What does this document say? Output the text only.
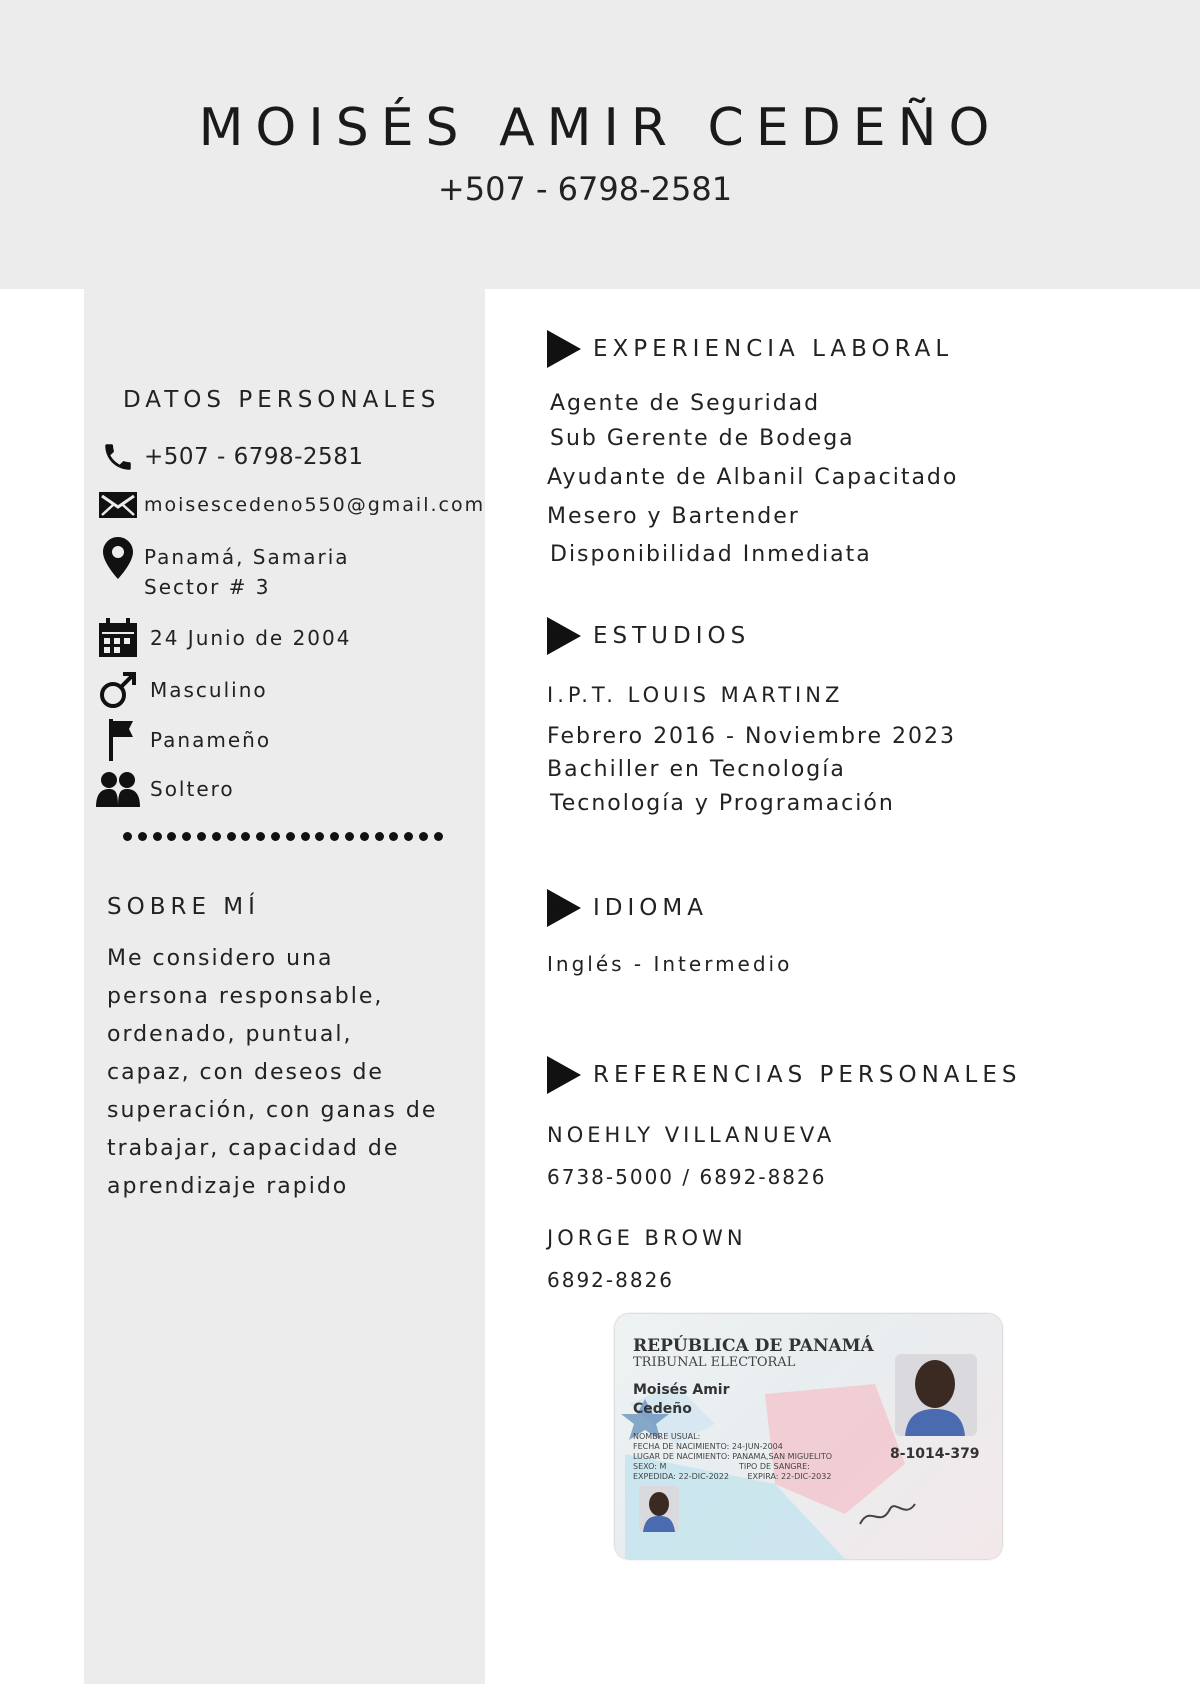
MOISÉS AMIR CEDEÑO
+507 - 6798-2581
DATOS PERSONALES
+507 - 6798-2581
moisescedeno550@gmail.com
Panamá, Samaria
Sector # 3
24 Junio de 2004
Masculino
Panameño
Soltero
SOBRE MÍ
Me considero una
persona responsable,
ordenado, puntual,
capaz, con deseos de
superación, con ganas de
trabajar, capacidad de
aprendizaje rapido
EXPERIENCIA LABORAL
Agente de Seguridad
Sub Gerente de Bodega
Ayudante de Albanil Capacitado
Mesero y Bartender
Disponibilidad Inmediata
ESTUDIOS
I.P.T. LOUIS MARTINZ
Febrero 2016 - Noviembre 2023
Bachiller en Tecnología
Tecnología y Programación
IDIOMA
Inglés - Intermedio
REFERENCIAS PERSONALES
NOEHLY VILLANUEVA
6738-5000 / 6892-8826
JORGE BROWN
6892-8826
REPÚBLICA DE PANAMÁ
TRIBUNAL ELECTORAL
Moisés Amir
Cedeño
NOMBRE USUAL:
FECHA DE NACIMIENTO: 24-JUN-2004
LUGAR DE NACIMIENTO: PANAMA,SAN MIGUELITO
SEXO: M	TIPO DE SANGRE:
EXPEDIDA: 22-DIC-2022 EXPIRA: 22-DIC-2032
8-1014-379
